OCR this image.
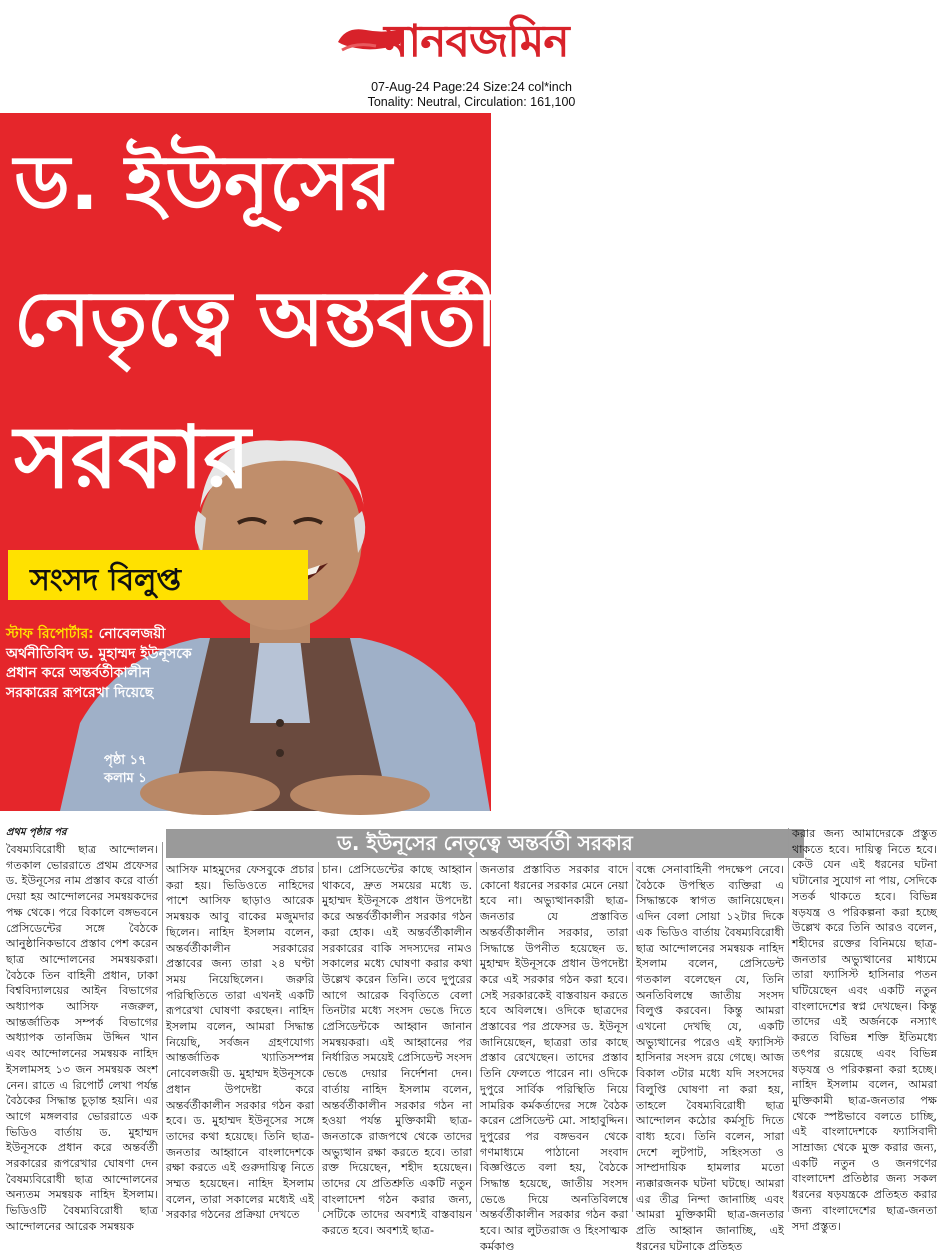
মানবজমিন
07-Aug-24 Page:24 Size:24 col*inch
Tonality: Neutral, Circulation: 161,100
ড. ইউনূসের
নেতৃত্বে অন্তর্বর্তী
সরকার
সংসদ বিলুপ্ত
স্টাফ রিপোর্টার: নোবেলজয়ী অর্থনীতিবিদ ড. মুহাম্মদ ইউনূসকে প্রধান করে অন্তর্বর্তীকালীন সরকারের রূপরেখা দিয়েছে
পৃষ্ঠা ১৭
কলাম ১
প্রথম পৃষ্ঠার পর	ড. ইউনূসের নেতৃত্বে অন্তর্বর্তী সরকার

বৈষম্যবিরোধী ছাত্র আন্দোলন। গতকাল ভোররাতে প্রথম প্রফেসর ড. ইউনূসের নাম প্রস্তাব করে বার্তা দেয়া হয় আন্দোলনের সমন্বয়কদের পক্ষ থেকে। পরে বিকালে বঙ্গভবনে প্রেসিডেন্টের সঙ্গে বৈঠকে আনুষ্ঠানিকভাবে প্রস্তাব পেশ করেন ছাত্র আন্দোলনের সমন্বয়করা। বৈঠকে তিন বাহিনী প্রধান, ঢাকা বিশ্ববিদ্যালয়ের আইন বিভাগের অধ্যাপক আসিফ নজরুল, আন্তর্জাতিক সম্পর্ক বিভাগের অধ্যাপক তানজিম উদ্দিন খান এবং আন্দোলনের সমন্বয়ক নাহিদ ইসলামসহ ১৩ জন সমন্বয়ক অংশ নেন। রাতে এ রিপোর্ট লেখা পর্যন্ত বৈঠকের সিদ্ধান্ত চূড়ান্ত হয়নি। এর আগে মঙ্গলবার ভোররাতে এক ভিডিও বার্তায় ড. মুহাম্মদ ইউনূসকে প্রধান করে অন্তর্বর্তী সরকারের রূপরেখার ঘোষণা দেন বৈষম্যবিরোধী ছাত্র আন্দোলনের অন্যতম সমন্বয়ক নাহিদ ইসলাম। ভিডিওটি বৈষম্যবিরোধী ছাত্র আন্দোলনের আরেক সমন্বয়ক

আসিফ মাহমুদের ফেসবুকে প্রচার করা হয়। ভিডিওতে নাহিদের পাশে আসিফ ছাড়াও আরেক সমন্বয়ক আবু বাকের মজুমদার ছিলেন। নাহিদ ইসলাম বলেন, অন্তর্বর্তীকালীন সরকারের প্রস্তাবের জন্য তারা ২৪ ঘণ্টা সময় নিয়েছিলেন। জরুরি পরিস্থিতিতে তারা এখনই একটি রূপরেখা ঘোষণা করছেন। নাহিদ ইসলাম বলেন, আমরা সিদ্ধান্ত নিয়েছি, সর্বজন গ্রহণযোগ্য আন্তর্জাতিক খ্যাতিসম্পন্ন নোবেলজয়ী ড. মুহাম্মদ ইউনূসকে প্রধান উপদেষ্টা করে অন্তর্বর্তীকালীন সরকার গঠন করা হবে। ড. মুহাম্মদ ইউনূসের সঙ্গে তাদের কথা হয়েছে। তিনি ছাত্র-জনতার আহ্বানে বাংলাদেশকে রক্ষা করতে এই গুরুদায়িত্ব নিতে সম্মত হয়েছেন। নাহিদ ইসলাম বলেন, তারা সকালের মধ্যেই এই সরকার গঠনের প্রক্রিয়া দেখতে

চান। প্রেসিডেন্টের কাছে আহ্বান থাকবে, দ্রুত সময়ের মধ্যে ড. মুহাম্মদ ইউনূসকে প্রধান উপদেষ্টা করে অন্তর্বর্তীকালীন সরকার গঠন করা হোক। এই অন্তর্বর্তীকালীন সরকারের বাকি সদস্যদের নামও সকালের মধ্যে ঘোষণা করার কথা উল্লেখ করেন তিনি। তবে দুপুরের আগে আরেক বিবৃতিতে বেলা তিনটার মধ্যে সংসদ ভেঙে দিতে প্রেসিডেন্টকে আহ্বান জানান সমন্বয়করা। এই আহ্বানের পর নির্ধারিত সময়েই প্রেসিডেন্ট সংসদ ভেঙে দেয়ার নির্দেশনা দেন। বার্তায় নাহিদ ইসলাম বলেন, অন্তর্বর্তীকালীন সরকার গঠন না হওয়া পর্যন্ত মুক্তিকামী ছাত্র-জনতাকে রাজপথে থেকে তাদের অভ্যুত্থান রক্ষা করতে হবে। তারা রক্ত দিয়েছেন, শহীদ হয়েছেন। তাদের যে প্রতিশ্রুতি একটি নতুন বাংলাদেশ গঠন করার জন্য, সেটিকে তাদের অবশ্যই বাস্তবায়ন করতে হবে। অবশ্যই ছাত্র-

জনতার প্রস্তাবিত সরকার বাদে কোনো ধরনের সরকার মেনে নেয়া হবে না। অভ্যুত্থানকারী ছাত্র-জনতার যে প্রস্তাবিত অন্তর্বর্তীকালীন সরকার, তারা সিদ্ধান্তে উপনীত হয়েছেন ড. মুহাম্মদ ইউনূসকে প্রধান উপদেষ্টা করে এই সরকার গঠন করা হবে। সেই সরকারকেই বাস্তবায়ন করতে হবে অবিলম্বে। ওদিকে ছাত্রদের প্রস্তাবের পর প্রফেসর ড. ইউনূস জানিয়েছেন, ছাত্ররা তার কাছে প্রস্তাব রেখেছেন। তাদের প্রস্তাব তিনি ফেলতে পারেন না। ওদিকে দুপুরে সার্বিক পরিস্থিতি নিয়ে সামরিক কর্মকর্তাদের সঙ্গে বৈঠক করেন প্রেসিডেন্ট মো. সাহাবুদ্দিন। দুপুরের পর বঙ্গভবন থেকে গণমাধ্যমে পাঠানো সংবাদ বিজ্ঞপ্তিতে বলা হয়, বৈঠকে সিদ্ধান্ত হয়েছে, জাতীয় সংসদ ভেঙে দিয়ে অনতিবিলম্বে অন্তর্বর্তীকালীন সরকার গঠন করা হবে। আর লুটতরাজ ও হিংসাত্মক কর্মকাণ্ড

বন্ধে সেনাবাহিনী পদক্ষেপ নেবে। বৈঠকে উপস্থিত ব্যক্তিরা এ সিদ্ধান্তকে স্বাগত জানিয়েছেন। এদিন বেলা সোয়া ১২টার দিকে এক ভিডিও বার্তায় বৈষম্যবিরোধী ছাত্র আন্দোলনের সমন্বয়ক নাহিদ ইসলাম বলেন, প্রেসিডেন্ট গতকাল বলেছেন যে, তিনি অনতিবিলম্বে জাতীয় সংসদ বিলুপ্ত করবেন। কিন্তু আমরা এখনো দেখছি যে, একটি অভ্যুত্থানের পরেও এই ফ্যাসিস্ট হাসিনার সংসদ রয়ে গেছে। আজ বিকাল ৩টার মধ্যে যদি সংসদের বিলুপ্তি ঘোষণা না করা হয়, তাহলে বৈষম্যবিরোধী ছাত্র আন্দোলন কঠোর কর্মসূচি দিতে বাধ্য হবে। তিনি বলেন, সারা দেশে লুটপাট, সহিংসতা ও সাম্প্রদায়িক হামলার মতো ন্যক্কারজনক ঘটনা ঘটছে। আমরা এর তীব্র নিন্দা জানাচ্ছি এবং আমরা মুক্তিকামী ছাত্র-জনতার প্রতি আহ্বান জানাচ্ছি, এই ধরনের ঘটনাকে প্রতিহত

করার জন্য আমাদেরকে প্রস্তুত থাকতে হবে। দায়িত্ব নিতে হবে। কেউ যেন এই ধরনের ঘটনা ঘটানোর সুযোগ না পায়, সেদিকে সতর্ক থাকতে হবে। বিভিন্ন ষড়যন্ত্র ও পরিকল্পনা করা হচ্ছে উল্লেখ করে তিনি আরও বলেন, শহীদের রক্তের বিনিময়ে ছাত্র-জনতার অভ্যুত্থানের মাধ্যমে তারা ফ্যাসিস্ট হাসিনার পতন ঘটিয়েছেন এবং একটি নতুন বাংলাদেশের স্বপ্ন দেখছেন। কিন্তু তাদের এই অর্জনকে নস্যাৎ করতে বিভিন্ন শক্তি ইতিমধ্যে তৎপর রয়েছে এবং বিভিন্ন ষড়যন্ত্র ও পরিকল্পনা করা হচ্ছে। নাহিদ ইসলাম বলেন, আমরা মুক্তিকামী ছাত্র-জনতার পক্ষ থেকে স্পষ্টভাবে বলতে চাচ্ছি, এই বাংলাদেশকে ফ্যাসিবাদী সাম্রাজ্য থেকে মুক্ত করার জন্য, একটি নতুন ও জনগণের বাংলাদেশ প্রতিষ্ঠার জন্য সকল ধরনের ষড়যন্ত্রকে প্রতিহত করার জন্য বাংলাদেশের ছাত্র-জনতা সদা প্রস্তুত।
